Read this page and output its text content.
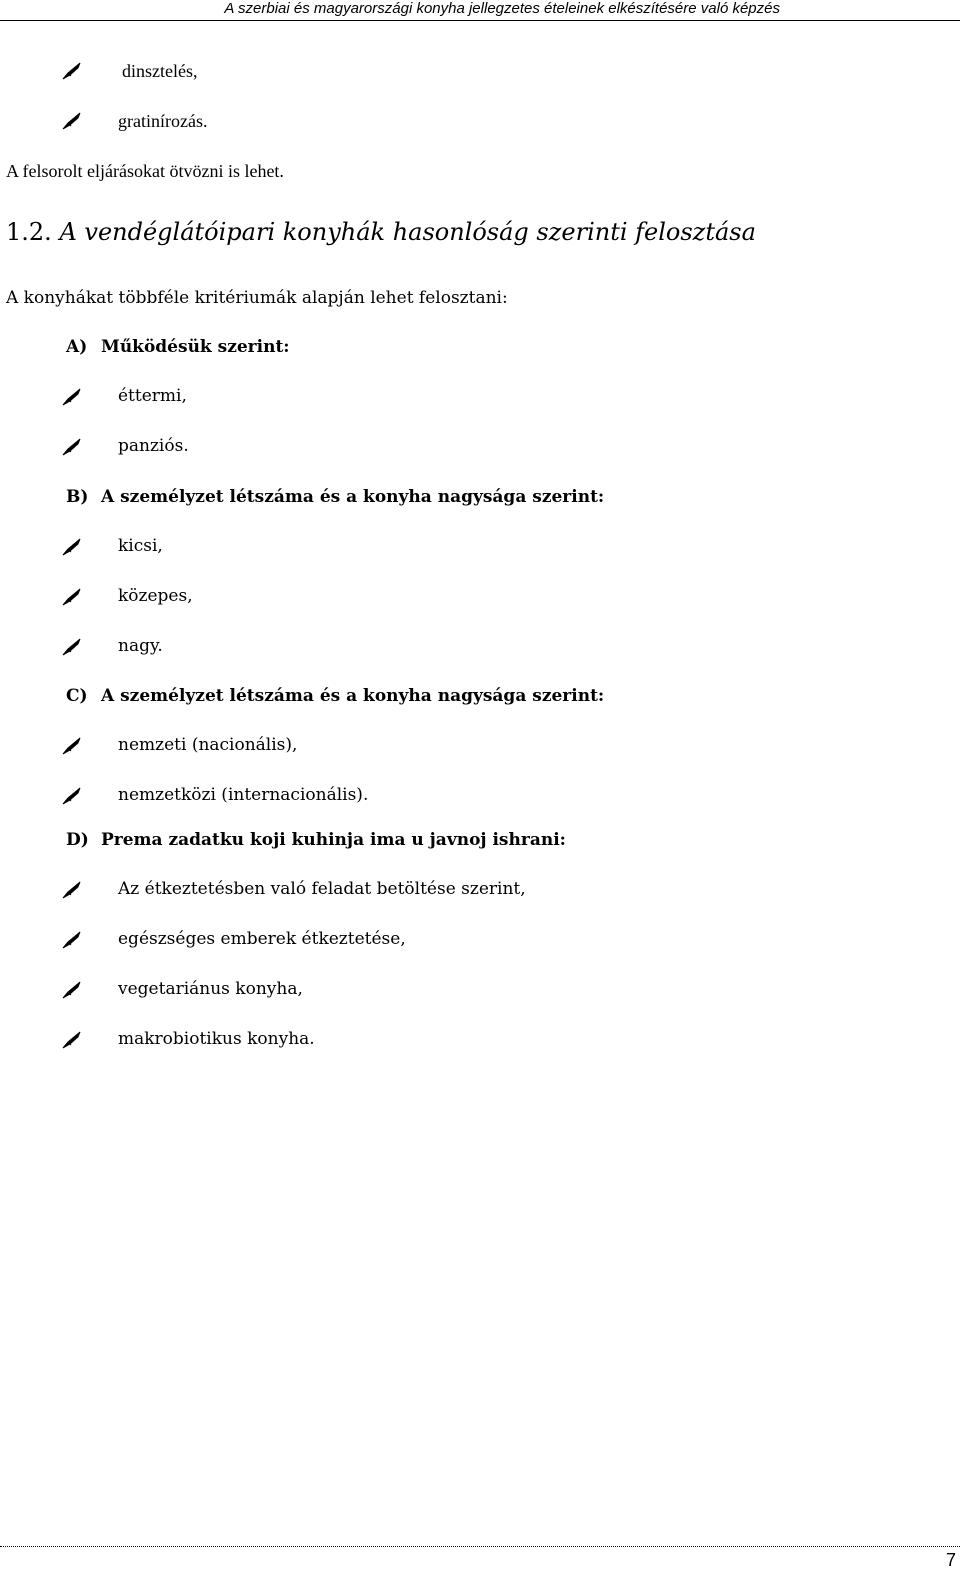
A szerbiai és magyarországi konyha jellegzetes ételeinek elkészítésére való képzés
dinsztelés,
gratinírozás.
A felsorolt eljárásokat ötvözni is lehet.
1.2. A vendéglátóipari konyhák hasonlóság szerinti felosztása
A konyhákat többféle kritériumák alapján lehet felosztani:
A) Működésük szerint:
éttermi,
panziós.
B) A személyzet létszáma és a konyha nagysága szerint:
kicsi,
közepes,
nagy.
C) A személyzet létszáma és a konyha nagysága szerint:
nemzeti (nacionális),
nemzetközi (internacionális).
D) Prema zadatku koji kuhinja ima u javnoj ishrani:
Az étkeztetésben való feladat betöltése szerint,
egészséges emberek étkeztetése,
vegetariánus konyha,
makrobiotikus konyha.
7
